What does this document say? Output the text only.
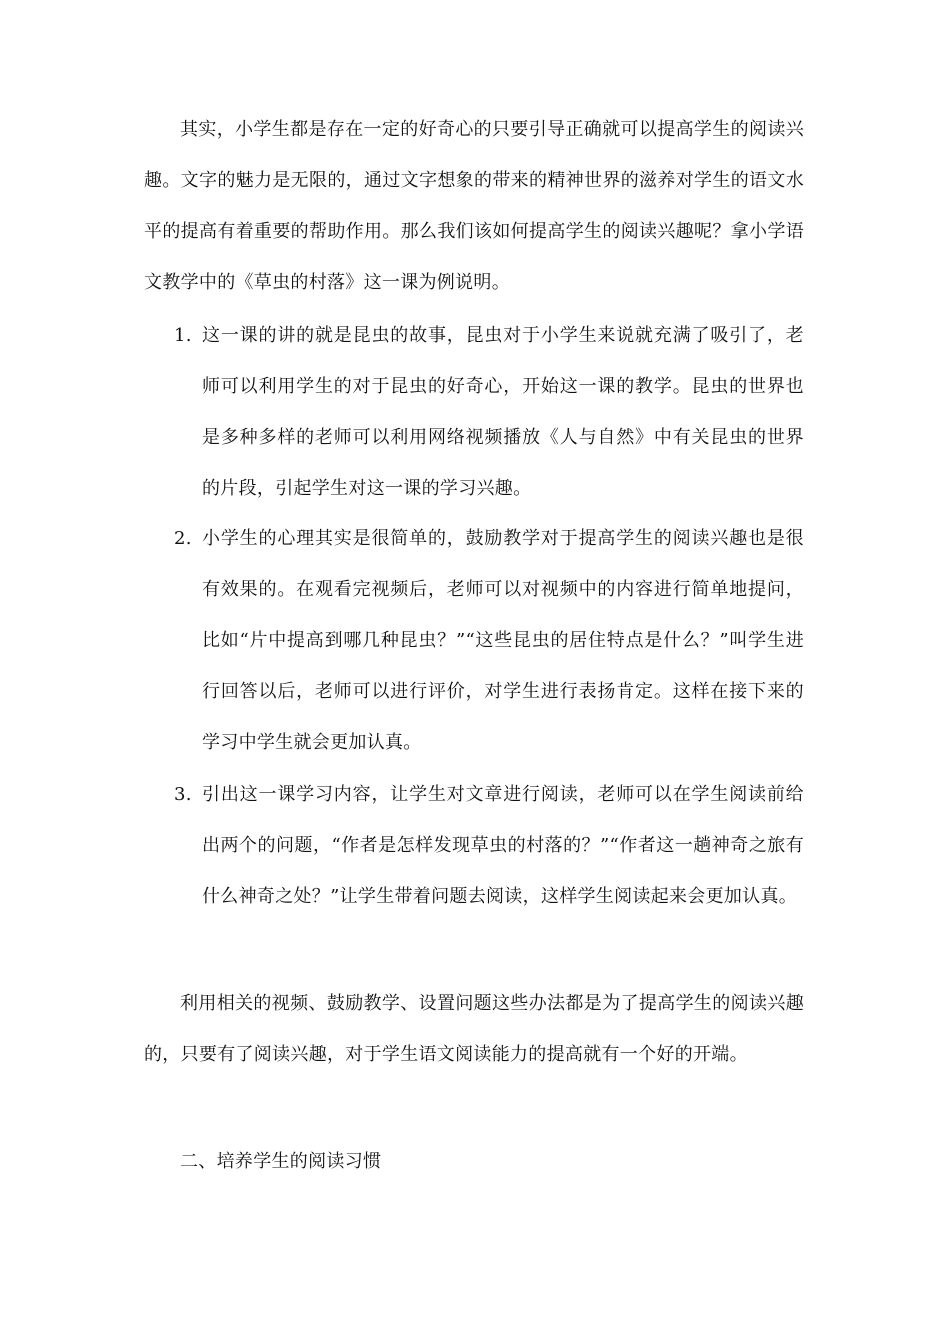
其实，小学生都是存在一定的好奇心的只要引导正确就可以提高学生的阅读兴趣。文字的魅力是无限的，通过文字想象的带来的精神世界的滋养对学生的语文水平的提高有着重要的帮助作用。那么我们该如何提高学生的阅读兴趣呢？拿小学语文教学中的《草虫的村落》这一课为例说明。

1. 这一课的讲的就是昆虫的故事，昆虫对于小学生来说就充满了吸引了，老师可以利用学生的对于昆虫的好奇心，开始这一课的教学。昆虫的世界也是多种多样的老师可以利用网络视频播放《人与自然》中有关昆虫的世界的片段，引起学生对这一课的学习兴趣。
2. 小学生的心理其实是很简单的，鼓励教学对于提高学生的阅读兴趣也是很有效果的。在观看完视频后，老师可以对视频中的内容进行简单地提问，比如“片中提高到哪几种昆虫？”“这些昆虫的居住特点是什么？”叫学生进行回答以后，老师可以进行评价，对学生进行表扬肯定。这样在接下来的学习中学生就会更加认真。
3. 引出这一课学习内容，让学生对文章进行阅读，老师可以在学生阅读前给出两个的问题，“作者是怎样发现草虫的村落的？”“作者这一趟神奇之旅有什么神奇之处？”让学生带着问题去阅读，这样学生阅读起来会更加认真。

利用相关的视频、鼓励教学、设置问题这些办法都是为了提高学生的阅读兴趣的，只要有了阅读兴趣，对于学生语文阅读能力的提高就有一个好的开端。

二、培养学生的阅读习惯
